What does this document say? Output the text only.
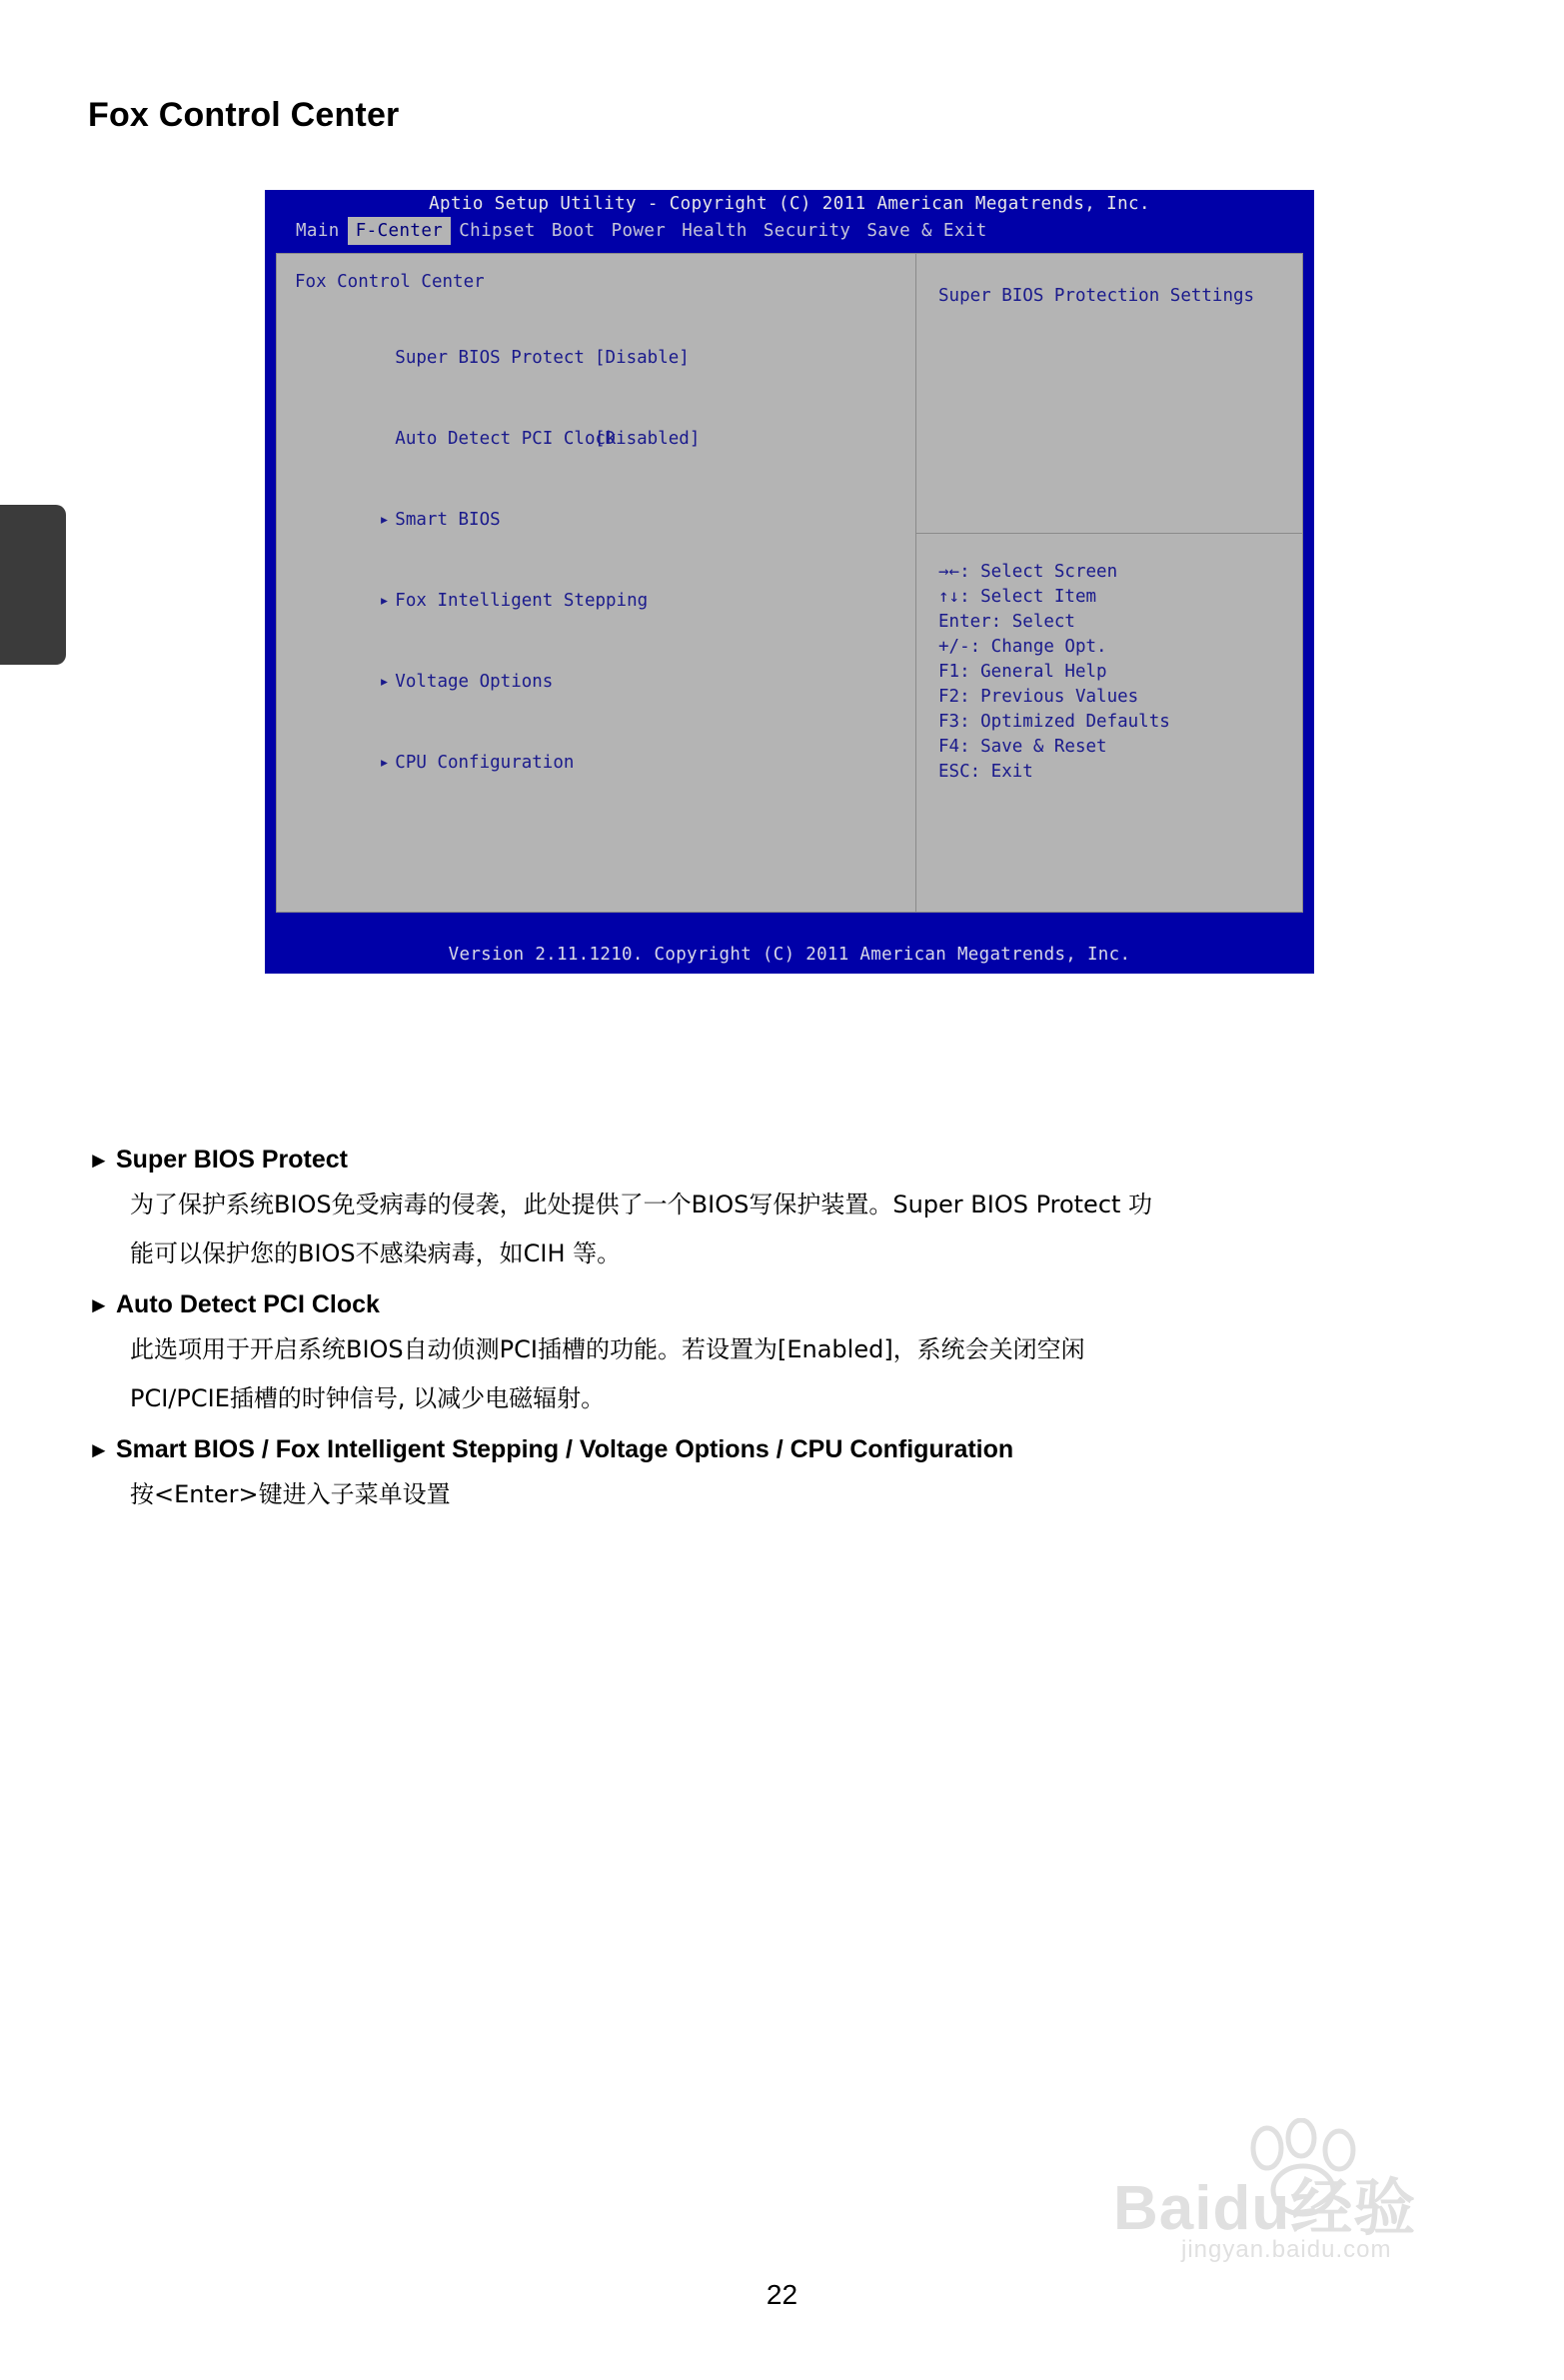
3
Fox Control Center
Aptio Setup Utility - Copyright (C) 2011 American Megatrends, Inc.
Main F-Center Chipset Boot Power Health Security Save & Exit
Fox Control Center

Super BIOS Protect [Disable]

Auto Detect PCI Clock
[Disabled]

▸ Smart BIOS

▸ Fox Intelligent Stepping

▸ Voltage Options

▸ CPU Configuration

Super BIOS Protection Settings
→←: Select Screen
↑↓: Select Item
Enter: Select
+/-: Change Opt.
F1: General Help
F2: Previous Values
F3: Optimized Defaults
F4: Save & Reset
ESC: Exit
Version 2.11.1210. Copyright (C) 2011 American Megatrends, Inc.
► Super BIOS Protect
为了保护系统BIOS免受病毒的侵袭，此处提供了一个BIOS写保护装置。Super BIOS Protect 功
能可以保护您的BIOS不感染病毒，如CIH 等。
► Auto Detect PCI Clock
此选项用于开启系统BIOS自动侦测PCI插槽的功能。若设置为[Enabled]，系统会关闭空闲
PCI/PCIE插槽的时钟信号, 以减少电磁辐射。
► Smart BIOS / Fox Intelligent Stepping / Voltage Options / CPU Configuration
按<Enter>键进入子菜单设置
Baidu经验
jingyan.baidu.com
22
